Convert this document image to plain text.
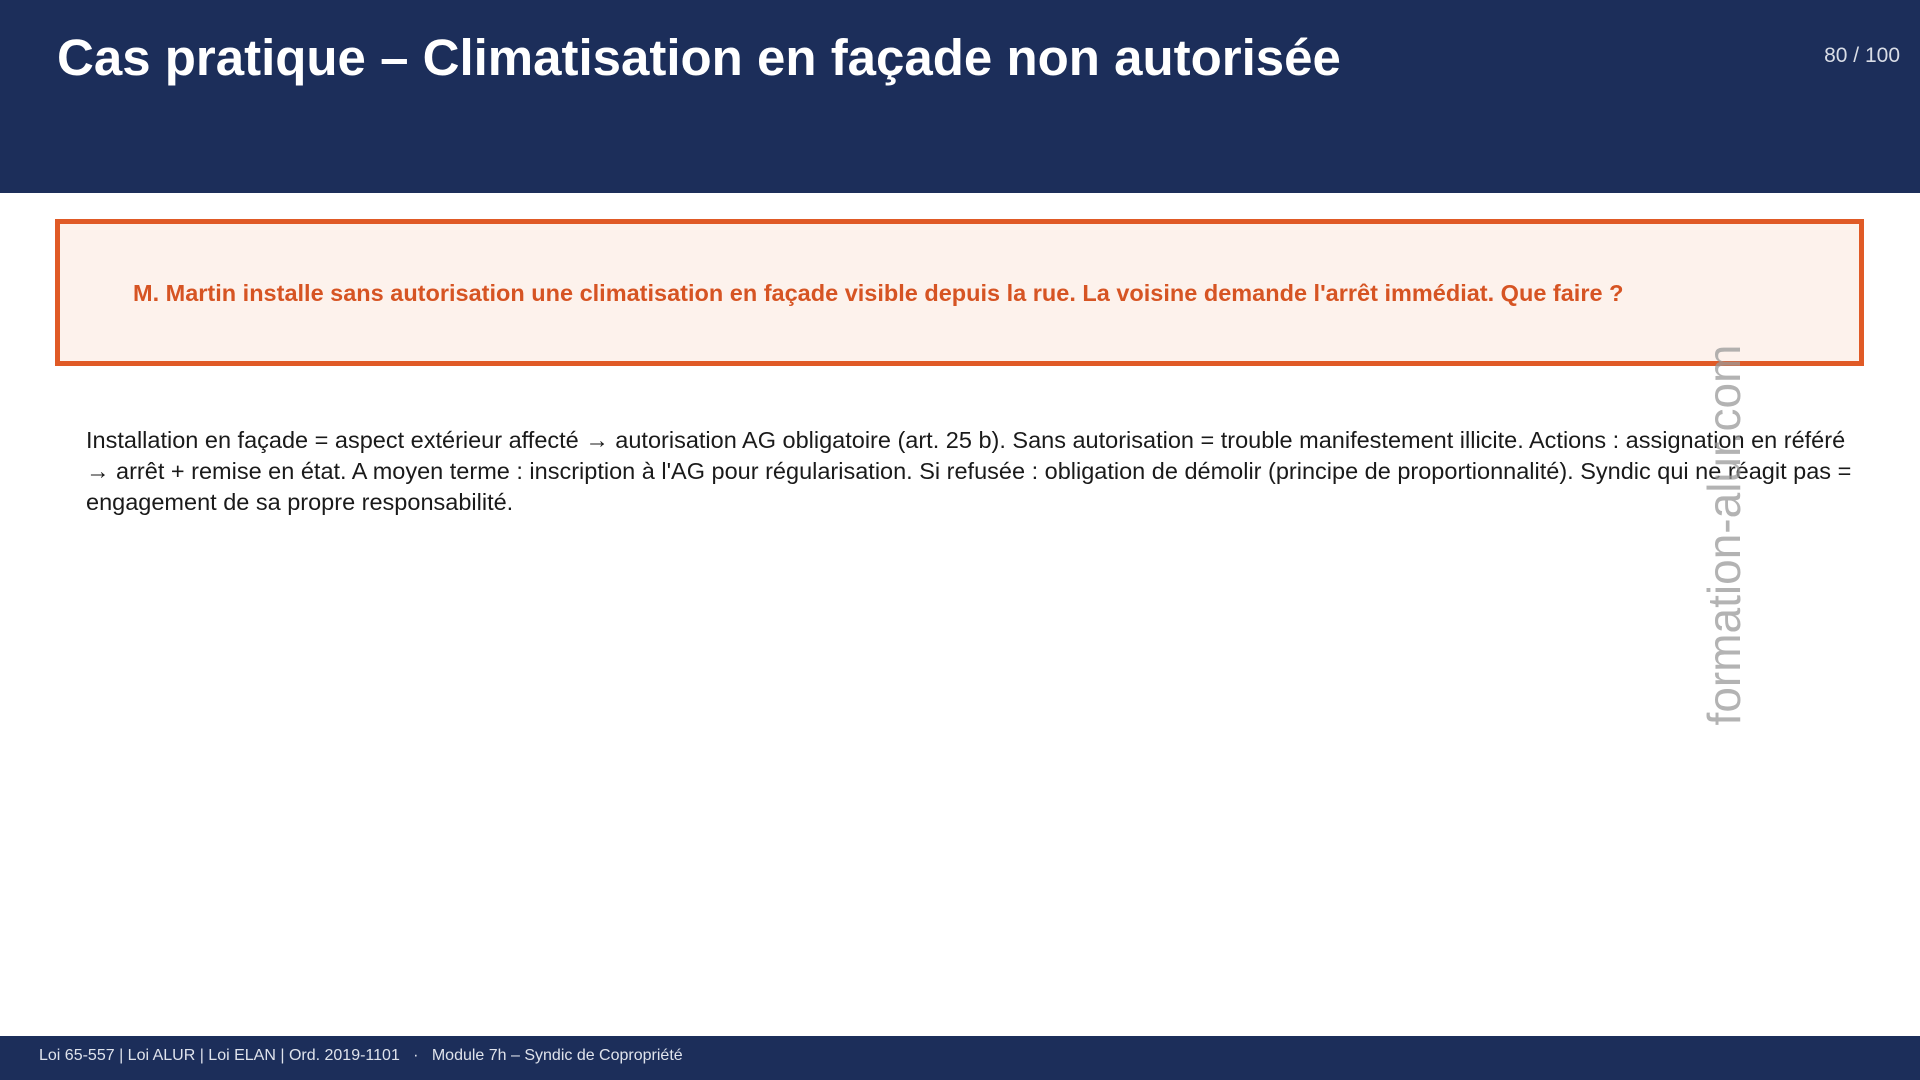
Cas pratique – Climatisation en façade non autorisée	80 / 100
M. Martin installe sans autorisation une climatisation en façade visible depuis la rue. La voisine demande l'arrêt immédiat. Que faire ?
Installation en façade = aspect extérieur affecté → autorisation AG obligatoire (art. 25 b). Sans autorisation = trouble manifestement illicite. Actions : assignation en référé → arrêt + remise en état. A moyen terme : inscription à l'AG pour régularisation. Si refusée : obligation de démolir (principe de proportionnalité). Syndic qui ne réagit pas = engagement de sa propre responsabilité.	formation-alur.com
Loi 65-557 | Loi ALUR | Loi ELAN | Ord. 2019-1101   ·   Module 7h – Syndic de Copropriété
